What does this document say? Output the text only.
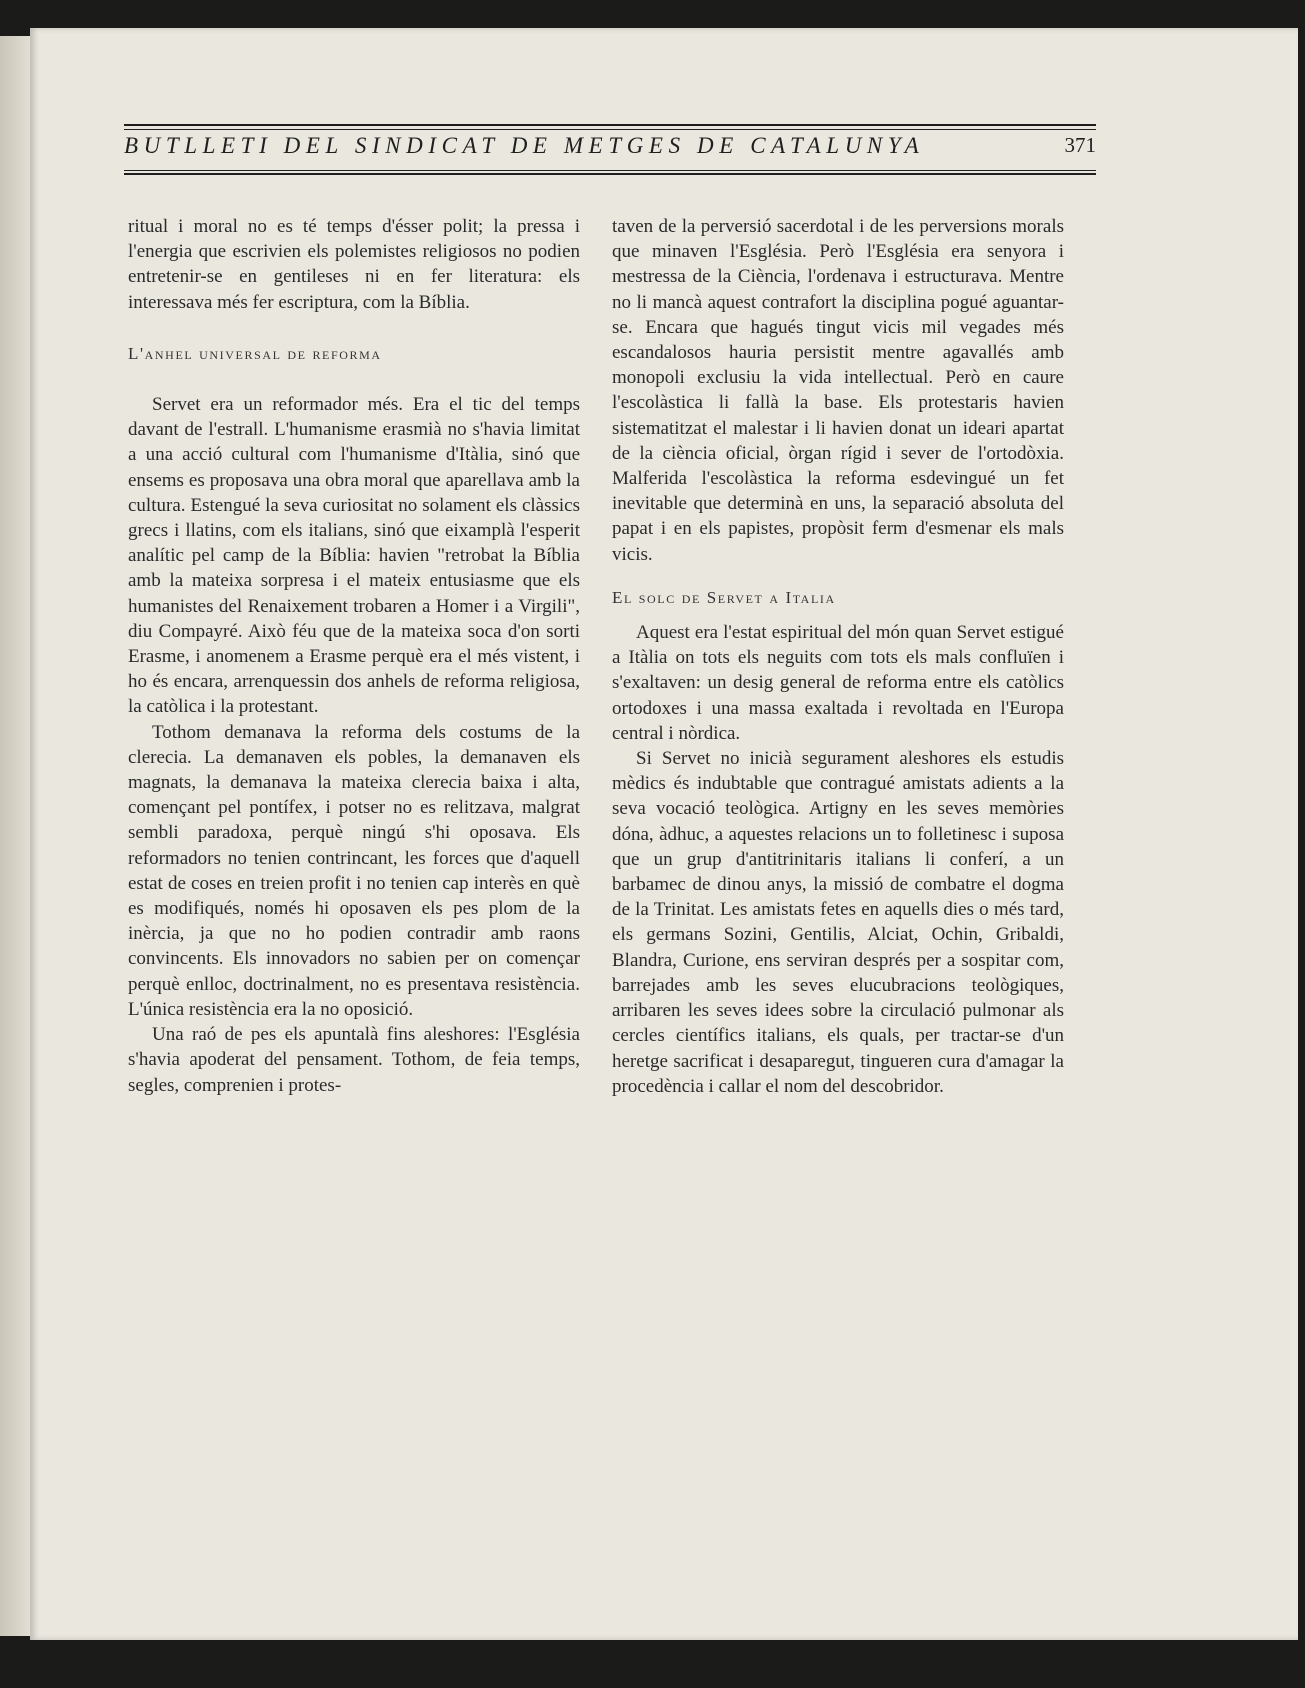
BUTLLETI DEL SINDICAT DE METGES DE CATALUNYA	371

ritual i moral no es té temps d'ésser polit; la pressa i l'energia que escrivien els polemistes religiosos no podien entretenir-se en gentileses ni en fer literatura: els interessava més fer escriptura, com la Bíblia.

L'anhel universal de reforma

Servet era un reformador més. Era el tic del temps davant de l'estrall. L'humanisme erasmià no s'havia limitat a una acció cultural com l'humanisme d'Itàlia, sinó que ensems es proposava una obra moral que aparellava amb la cultura. Estengué la seva curiositat no solament els clàssics grecs i llatins, com els italians, sinó que eixamplà l'esperit analític pel camp de la Bíblia: havien "retrobat la Bíblia amb la mateixa sorpresa i el mateix entusiasme que els humanistes del Renaixement trobaren a Homer i a Virgili", diu Compayré. Això féu que de la mateixa soca d'on sorti Erasme, i anomenem a Erasme perquè era el més vistent, i ho és encara, arrenquessin dos anhels de reforma religiosa, la catòlica i la protestant.

Tothom demanava la reforma dels costums de la clerecia. La demanaven els pobles, la demanaven els magnats, la demanava la mateixa clerecia baixa i alta, començant pel pontífex, i potser no es relitzava, malgrat sembli paradoxa, perquè ningú s'hi oposava. Els reformadors no tenien contrincant, les forces que d'aquell estat de coses en treien profit i no tenien cap interès en què es modifiqués, només hi oposaven els pes plom de la inèrcia, ja que no ho podien contradir amb raons convincents. Els innovadors no sabien per on començar perquè enlloc, doctrinalment, no es presentava resistència. L'única resistència era la no oposició.

Una raó de pes els apuntalà fins aleshores: l'Església s'havia apoderat del pensament. Tothom, de feia temps, segles, comprenien i protes-

taven de la perversió sacerdotal i de les perversions morals que minaven l'Església. Però l'Església era senyora i mestressa de la Ciència, l'ordenava i estructurava. Mentre no li mancà aquest contrafort la disciplina pogué aguantar-se. Encara que hagués tingut vicis mil vegades més escandalosos hauria persistit mentre agavallés amb monopoli exclusiu la vida intellectual. Però en caure l'escolàstica li fallà la base. Els protestaris havien sistematitzat el malestar i li havien donat un ideari apartat de la ciència oficial, òrgan rígid i sever de l'ortodòxia. Malferida l'escolàstica la reforma esdevingué un fet inevitable que determinà en uns, la separació absoluta del papat i en els papistes, propòsit ferm d'esmenar els mals vicis.

El solc de Servet a Italia

Aquest era l'estat espiritual del món quan Servet estigué a Itàlia on tots els neguits com tots els mals confluïen i s'exaltaven: un desig general de reforma entre els catòlics ortodoxes i una massa exaltada i revoltada en l'Europa central i nòrdica.

Si Servet no inicià segurament aleshores els estudis mèdics és indubtable que contragué amistats adients a la seva vocació teològica. Artigny en les seves memòries dóna, àdhuc, a aquestes relacions un to folletinesc i suposa que un grup d'antitrinitaris italians li conferí, a un barbamec de dinou anys, la missió de combatre el dogma de la Trinitat. Les amistats fetes en aquells dies o més tard, els germans Sozini, Gentilis, Alciat, Ochin, Gribaldi, Blandra, Curione, ens serviran després per a sospitar com, barrejades amb les seves elucubracions teològiques, arribaren les seves idees sobre la circulació pulmonar als cercles científics italians, els quals, per tractar-se d'un heretge sacrificat i desaparegut, tingueren cura d'amagar la procedència i callar el nom del descobridor.
